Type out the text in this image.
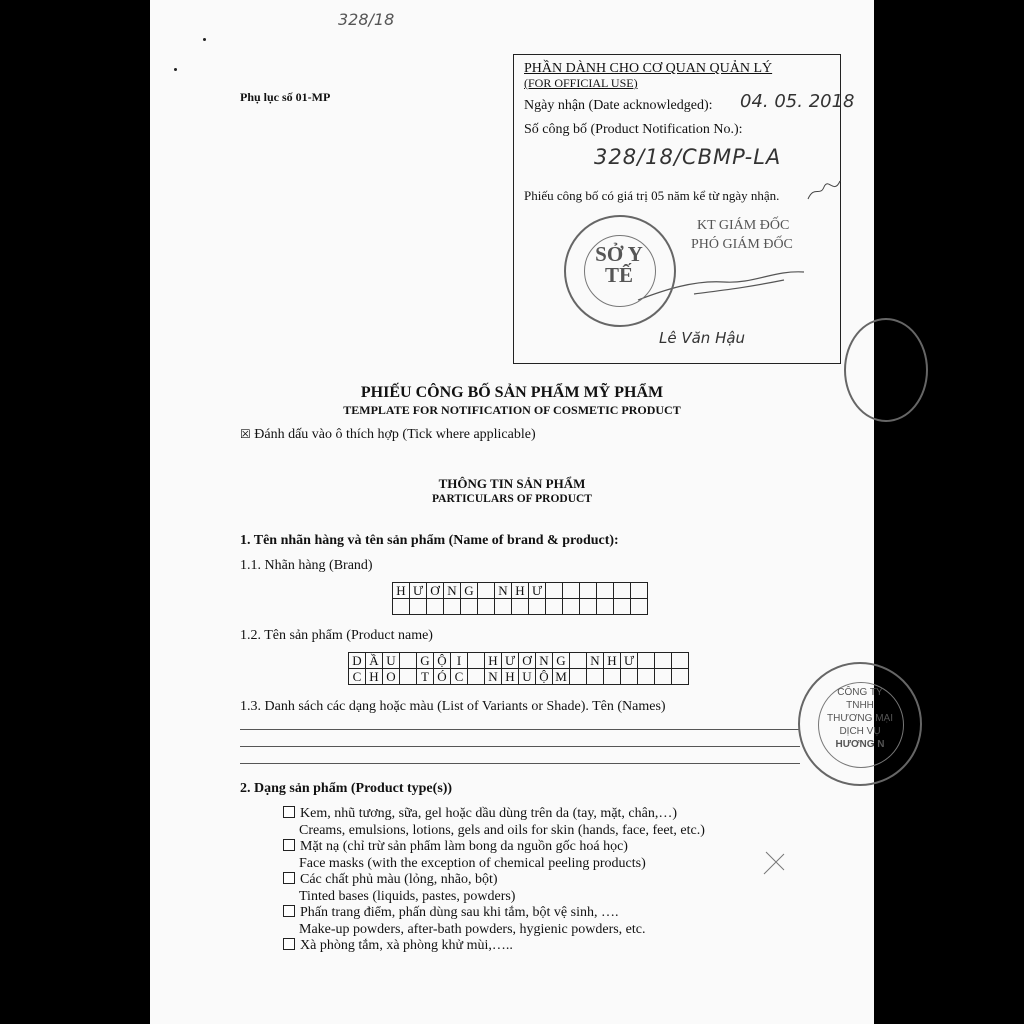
328/18
Phụ lục số 01-MP
PHẦN DÀNH CHO CƠ QUAN QUẢN LÝ
(FOR OFFICIAL USE)
Ngày nhận (Date acknowledged): 04. 05. 2018
Số công bố (Product Notification No.):
328/18/CBMP-LA
Phiếu công bố có giá trị 05 năm kể từ ngày nhận.
KT GIÁM ĐỐC
PHÓ GIÁM ĐỐC
Lê Văn Hậu
SỞ Y TẾ
PHIẾU CÔNG BỐ SẢN PHẨM MỸ PHẨM
TEMPLATE FOR NOTIFICATION OF COSMETIC PRODUCT
☒ Đánh dấu vào ô thích hợp (Tick where applicable)
THÔNG TIN SẢN PHẨM
PARTICULARS OF PRODUCT
1. Tên nhãn hàng và tên sản phẩm (Name of brand & product):
1.1. Nhãn hàng (Brand)
H	Ư	Ơ	N	G		N	H	Ư						

1.2. Tên sản phẩm (Product name)
D	Ầ	U		G	Ộ	I		H	Ư	Ơ	N	G		N	H	Ư			
C	H	O		T	Ó	C		N	H	U	Ộ	M							
1.3. Danh sách các dạng hoặc màu (List of Variants or Shade). Tên (Names)
CÔNG TY
TNHH
THƯƠNG MẠI
DỊCH VỤ
HƯƠNG N
2. Dạng sản phẩm (Product type(s))
Kem, nhũ tương, sữa, gel hoặc dầu dùng trên da (tay, mặt, chân,…)
Creams, emulsions, lotions, gels and oils for skin (hands, face, feet, etc.)
Mặt nạ (chỉ trừ sản phẩm làm bong da nguồn gốc hoá học)
Face masks (with the exception of chemical peeling products)
Các chất phủ màu (lỏng, nhão, bột)
Tinted bases (liquids, pastes, powders)
Phấn trang điểm, phấn dùng sau khi tắm, bột vệ sinh, ….
Make-up powders, after-bath powders, hygienic powders, etc.
Xà phòng tắm, xà phòng khử mùi,…..
